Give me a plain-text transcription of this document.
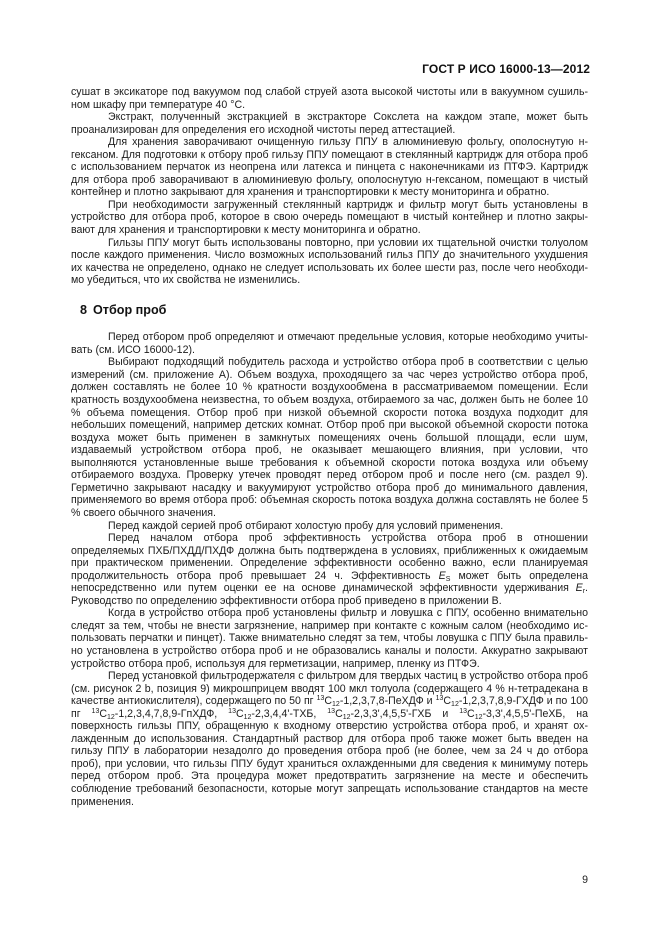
ГОСТ Р ИСО 16000-13—2012

сушат в эксикаторе под вакуумом под слабой струей азота высокой чистоты или в вакуумном сушильном шкафу при температуре 40 °С.

Экстракт, полученный экстракцией в экстракторе Сокслета на каждом этапе, может быть проанализирован для определения его исходной чистоты перед аттестацией.

Для хранения заворачивают очищенную гильзу ППУ в алюминиевую фольгу, ополоснутую н-гексаном. Для подготовки к отбору проб гильзу ППУ помещают в стеклянный картридж для отбора проб с использованием перчаток из неопрена или латекса и пинцета с наконечниками из ПТФЭ. Картридж для отбора проб заворачивают в алюминиевую фольгу, ополоснутую н-гексаном, помещают в чистый контейнер и плотно закрывают для хранения и транспортировки к месту мониторинга и обратно.

При необходимости загруженный стеклянный картридж и фильтр могут быть установлены в устройство для отбора проб, которое в свою очередь помещают в чистый контейнер и плотно закрывают для хранения и транспортировки к месту мониторинга и обратно.

Гильзы ППУ могут быть использованы повторно, при условии их тщательной очистки толуолом после каждого применения. Число возможных использований гильз ППУ до значительного ухудшения их качества не определено, однако не следует использовать их более шести раз, после чего необходимо убедиться, что их свойства не изменились.

8 Отбор проб

Перед отбором проб определяют и отмечают предельные условия, которые необходимо учитывать (см. ИСО 16000-12).

Выбирают подходящий побудитель расхода и устройство отбора проб в соответствии с целью измерений (см. приложение А). Объем воздуха, проходящего за час через устройство отбора проб, должен составлять не более 10 % кратности воздухообмена в рассматриваемом помещении. Если кратность воздухообмена неизвестна, то объем воздуха, отбираемого за час, должен быть не более 10 % объема помещения. Отбор проб при низкой объемной скорости потока воздуха подходит для небольших помещений, например детских комнат. Отбор проб при высокой объемной скорости потока воздуха может быть применен в замкнутых помещениях очень большой площади, если шум, издаваемый устройством отбора проб, не оказывает мешающего влияния, при условии, что выполняются установленные выше требования к объемной скорости потока воздуха или объему отбираемого воздуха. Проверку утечек проводят перед отбором проб и после него (см. раздел 9). Герметично закрывают насадку и вакуумируют устройство отбора проб до минимального давления, применяемого во время отбора проб: объемная скорость потока воздуха должна составлять не более 5 % своего обычного значения.

Перед каждой серией проб отбирают холостую пробу для условий применения.

Перед началом отбора проб эффективность устройства отбора проб в отношении определяемых ПХБ/ПХДД/ПХДФ должна быть подтверждена в условиях, приближенных к ожидаемым при практическом применении. Определение эффективности особенно важно, если планируемая продолжительность отбора проб превышает 24 ч. Эффективность $E_S$ может быть определена непосредственно или путем оценки ее на основе динамической эффективности удерживания $E_r$. Руководство по определению эффективности отбора проб приведено в приложении В.

Когда в устройство отбора проб установлены фильтр и ловушка с ППУ, особенно внимательно следят за тем, чтобы не внести загрязнение, например при контакте с кожным салом (необходимо использовать перчатки и пинцет). Также внимательно следят за тем, чтобы ловушка с ППУ была правильно установлена в устройство отбора проб и не образовались каналы и полости. Аккуратно закрывают устройство отбора проб, используя для герметизации, например, пленку из ПТФЭ.

Перед установкой фильтродержателя с фильтром для твердых частиц в устройство отбора проб (см. рисунок 2 b, позиция 9) микрошприцем вводят 100 мкл толуола (содержащего 4 % н-тетрадекана в качестве антиокислителя), содержащего по 50 пг $^{13}C_{12}-1,2,3,7,8$-ПеХДФ и $^{13}C_{12}-1,2,3,7,8,9$-ГХДФ и по 100 пг $^{13}C_{12}-1,2,3,4,7,8,9$-ГпХДФ, $^{13}C_{12}-2,3,4,4'$-ТХБ, $^{13}C_{12}-2,3,3',4,5,5'$-ГХБ и $^{13}C_{12}-3,3',4,5,5'$-ПеХБ, на поверхность гильзы ППУ, обращенную к входному отверстию устройства отбора проб, и хранят охлажденным до использования. Стандартный раствор для отбора проб также может быть введен на гильзу ППУ в лаборатории незадолго до проведения отбора проб (не более, чем за 24 ч до отбора проб), при условии, что гильзы ППУ будут храниться охлажденными для сведения к минимуму потерь перед отбором проб. Эта процедура может предотвратить загрязнение на месте и обеспечить соблюдение требований безопасности, которые могут запрещать использование стандартов на месте применения.

9
